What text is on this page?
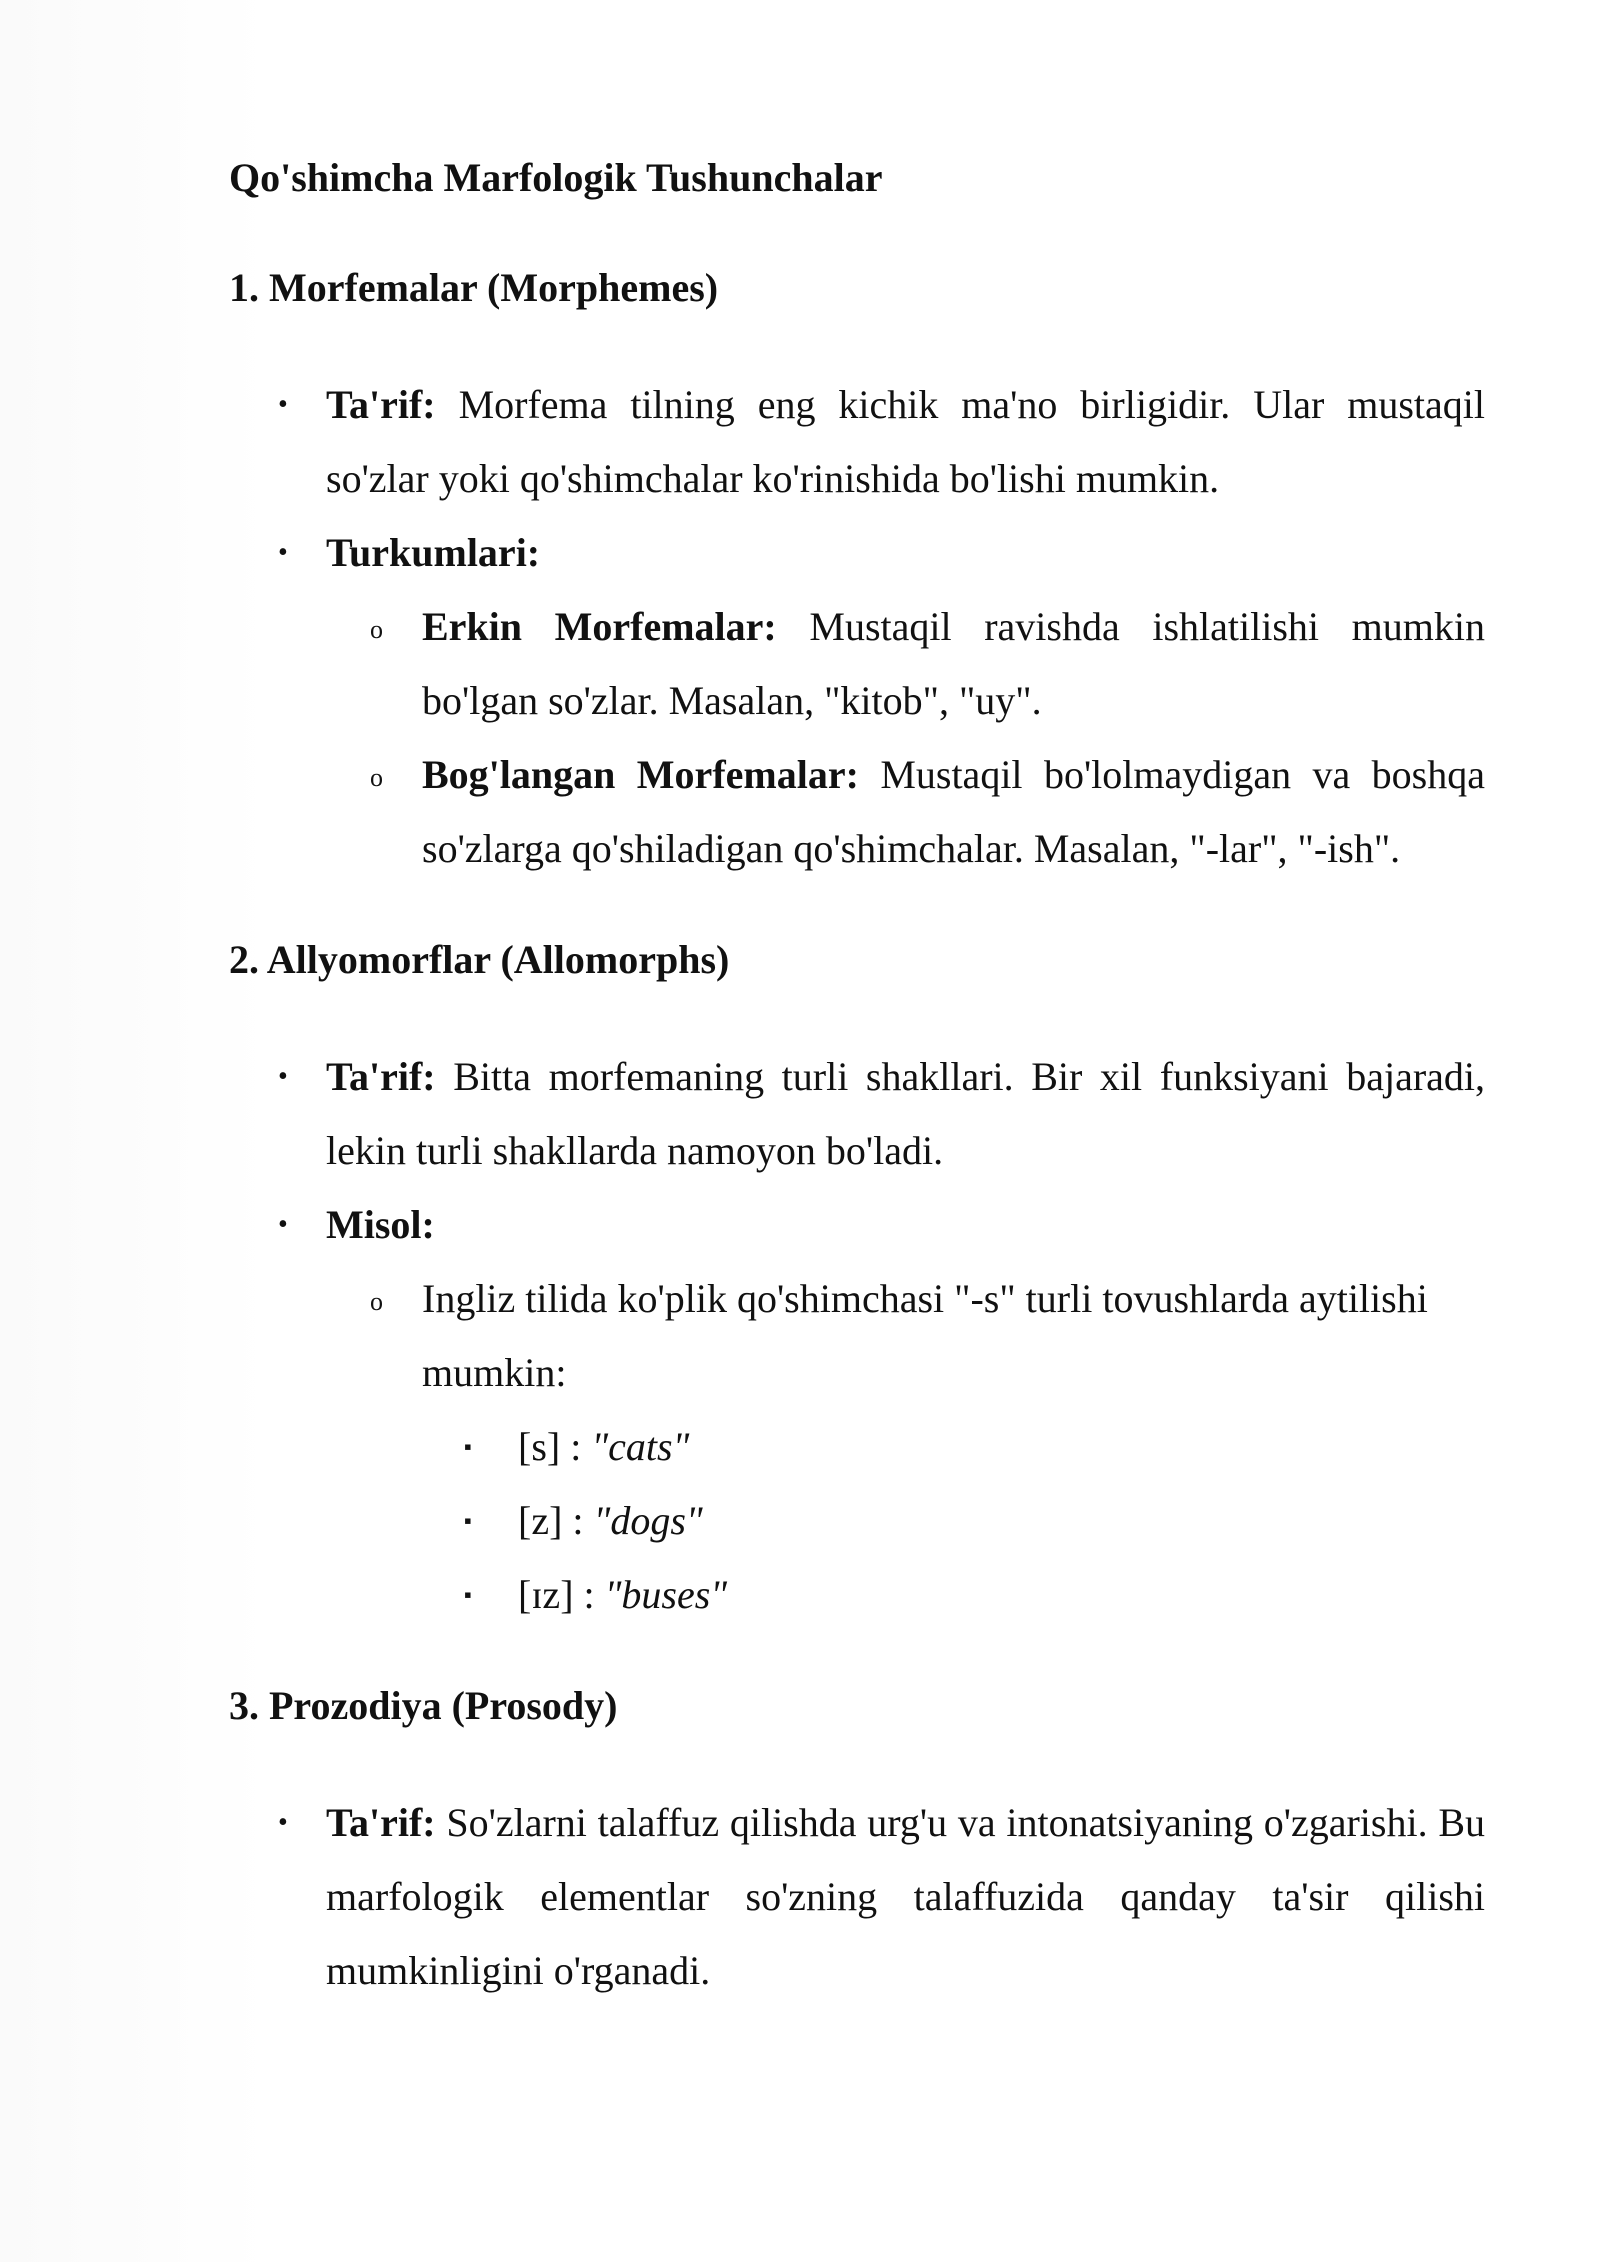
Qo'shimcha Marfologik Tushunchalar
1. Morfemalar (Morphemes)
• Ta'rif: Morfema tilning eng kichik ma'no birligidir. Ular mustaqil so'zlar yoki qo'shimchalar ko'rinishida bo'lishi mumkin.
• Turkumlari:
o Erkin Morfemalar: Mustaqil ravishda ishlatilishi mumkin bo'lgan so'zlar. Masalan, "kitob", "uy".
o Bog'langan Morfemalar: Mustaqil bo'lolmaydigan va boshqa so'zlarga qo'shiladigan qo'shimchalar. Masalan, "-lar", "-ish".
2. Allyomorflar (Allomorphs)
• Ta'rif: Bitta morfemaning turli shakllari. Bir xil funksiyani bajaradi, lekin turli shakllarda namoyon bo'ladi.
• Misol:
o Ingliz tilida ko'plik qo'shimchasi "-s" turli tovushlarda aytilishi mumkin:
▪ [s] : "cats"
▪ [z] : "dogs"
▪ [ɪz] : "buses"
3. Prozodiya (Prosody)
• Ta'rif: So'zlarni talaffuz qilishda urg'u va intonatsiyaning o'zgarishi. Bu marfologik elementlar so'zning talaffuzida qanday ta'sir qilishi mumkinligini o'rganadi.
